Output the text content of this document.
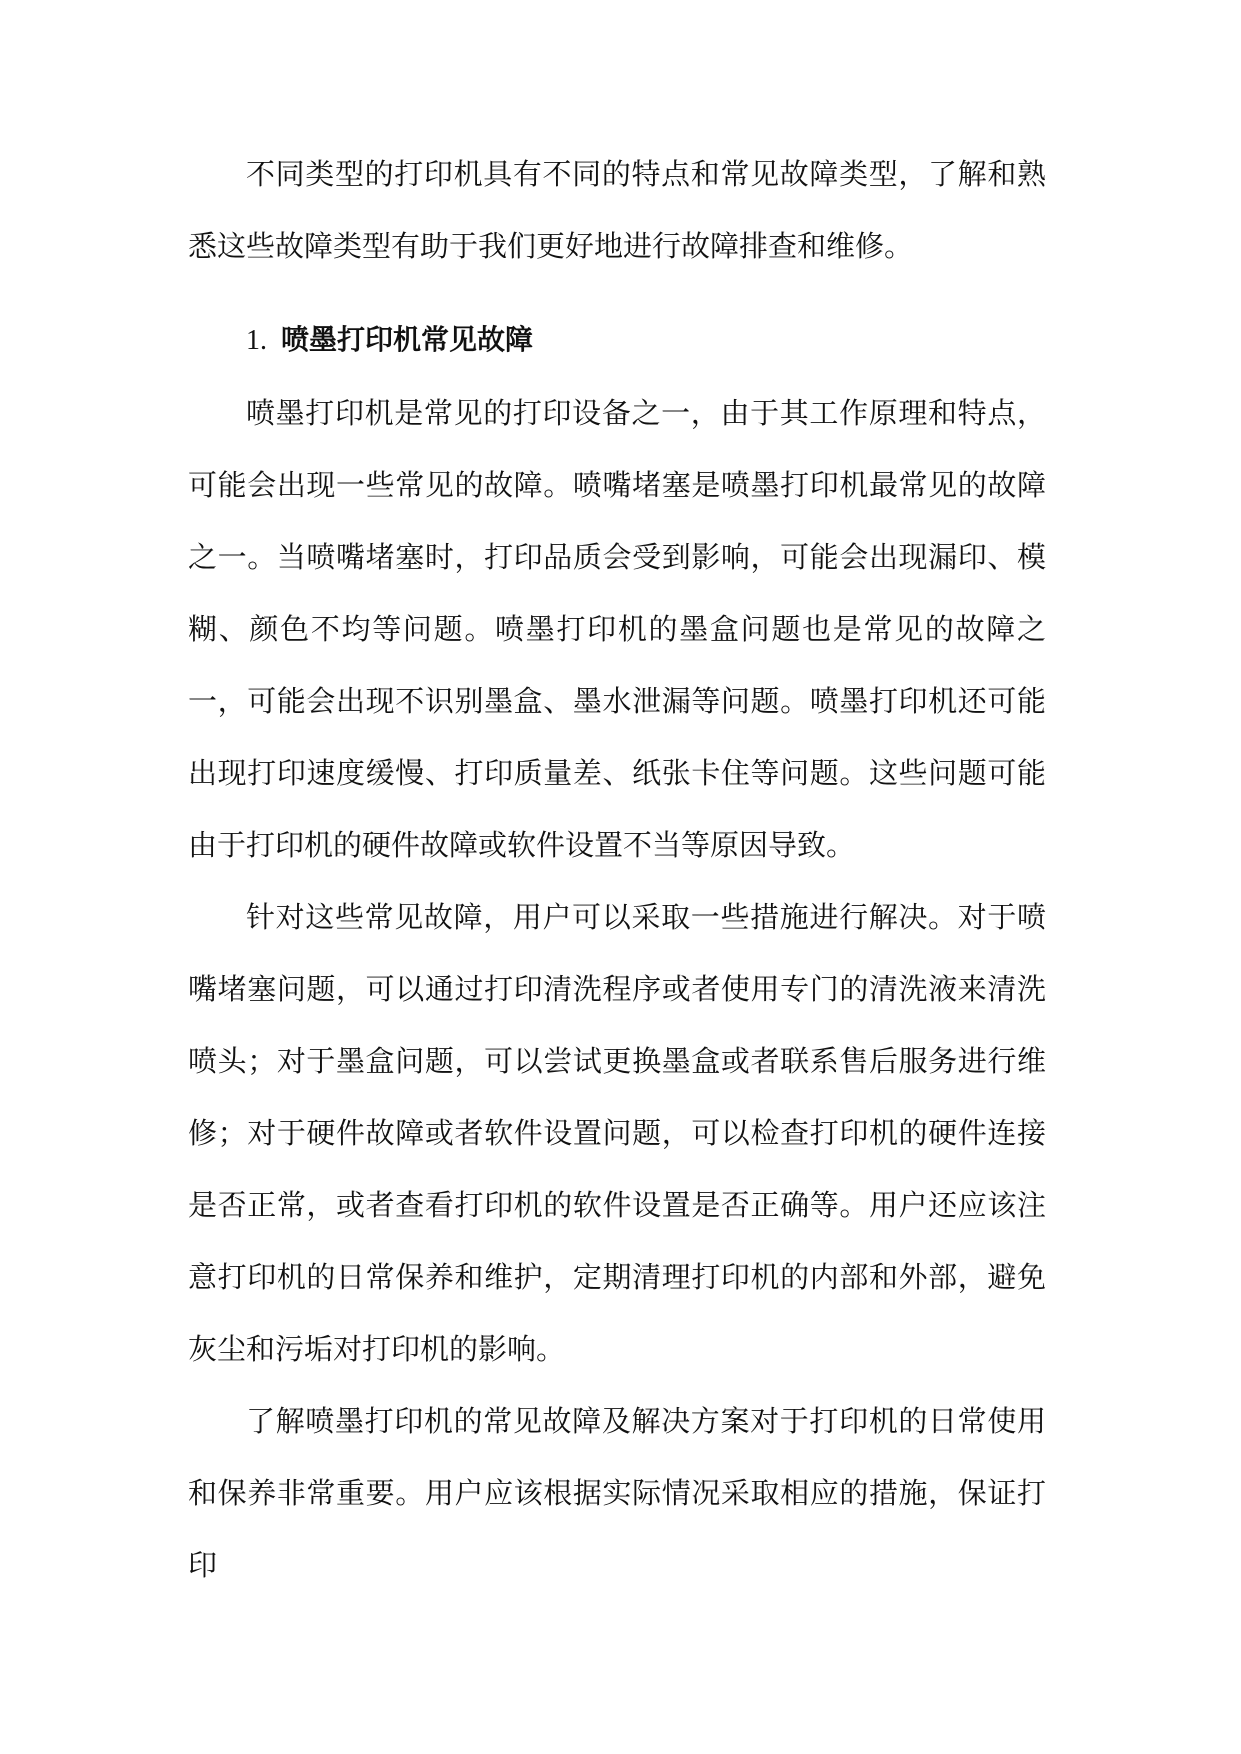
不同类型的打印机具有不同的特点和常见故障类型，了解和熟悉这些故障类型有助于我们更好地进行故障排查和维修。

1. 喷墨打印机常见故障

喷墨打印机是常见的打印设备之一，由于其工作原理和特点，可能会出现一些常见的故障。喷嘴堵塞是喷墨打印机最常见的故障之一。当喷嘴堵塞时，打印品质会受到影响，可能会出现漏印、模糊、颜色不均等问题。喷墨打印机的墨盒问题也是常见的故障之一，可能会出现不识别墨盒、墨水泄漏等问题。喷墨打印机还可能出现打印速度缓慢、打印质量差、纸张卡住等问题。这些问题可能由于打印机的硬件故障或软件设置不当等原因导致。

针对这些常见故障，用户可以采取一些措施进行解决。对于喷嘴堵塞问题，可以通过打印清洗程序或者使用专门的清洗液来清洗喷头；对于墨盒问题，可以尝试更换墨盒或者联系售后服务进行维修；对于硬件故障或者软件设置问题，可以检查打印机的硬件连接是否正常，或者查看打印机的软件设置是否正确等。用户还应该注意打印机的日常保养和维护，定期清理打印机的内部和外部，避免灰尘和污垢对打印机的影响。

了解喷墨打印机的常见故障及解决方案对于打印机的日常使用和保养非常重要。用户应该根据实际情况采取相应的措施，保证打印
